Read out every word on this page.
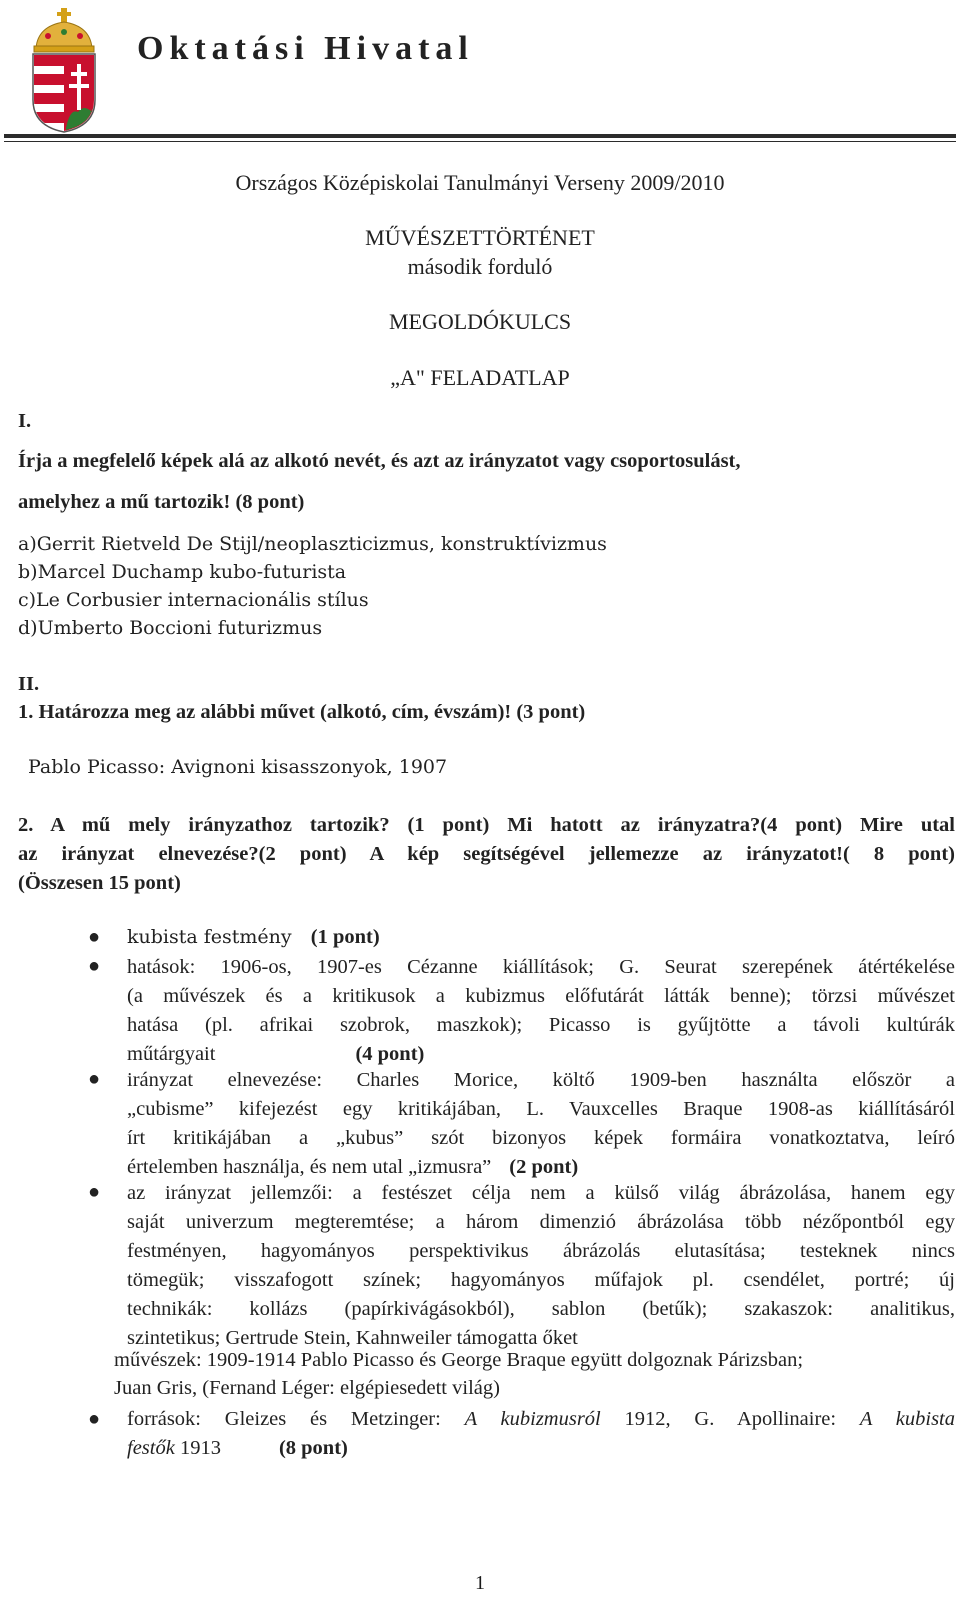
Oktatási Hivatal
Országos Középiskolai Tanulmányi Verseny 2009/2010
MŰVÉSZETTÖRTÉNET
második forduló
MEGOLDÓKULCS
„A" FELADATLAP
I.
Írja a megfelelő képek alá az alkotó nevét, és azt az irányzatot vagy csoportosulást,
amelyhez a mű tartozik! (8 pont)
a)Gerrit Rietveld De Stijl/neoplaszticizmus, konstruktívizmus
b)Marcel Duchamp kubo-futurista
c)Le Corbusier internacionális stílus
d)Umberto Boccioni futurizmus
II.
1. Határozza meg az alábbi művet (alkotó, cím, évszám)! (3 pont)
Pablo Picasso: Avignoni kisasszonyok, 1907
2. A mű mely irányzathoz tartozik? (1 pont) Mi hatott az irányzatra?(4 pont) Mire utal
az irányzat elnevezése?(2 pont) A kép segítségével jellemezze az irányzatot!( 8 pont)
(Összesen 15 pont)
● kubista festmény (1 pont)
● hatások: 1906-os, 1907-es Cézanne kiállítások; G. Seurat szerepének átértékelése
(a művészek és a kritikusok a kubizmus előfutárát látták benne); törzsi művészet
hatása (pl. afrikai szobrok, maszkok); Picasso is gyűjtötte a távoli kultúrák
műtárgyait	(4 pont)
● irányzat elnevezése: Charles Morice, költő 1909-ben használta először a
„cubisme” kifejezést egy kritikájában, L. Vauxcelles Braque 1908-as kiállításáról
írt kritikájában a „kubus” szót bizonyos képek formáira vonatkoztatva, leíró
értelemben használja, és nem utal „izmusra” (2 pont)
● az irányzat jellemzői: a festészet célja nem a külső világ ábrázolása, hanem egy
saját univerzum megteremtése; a három dimenzió ábrázolása több nézőpontból egy
festményen, hagyományos perspektivikus ábrázolás elutasítása; testeknek nincs
tömegük; visszafogott színek; hagyományos műfajok pl. csendélet, portré; új
technikák: kollázs (papírkivágásokból), sablon (betűk); szakaszok: analitikus,
szintetikus; Gertrude Stein, Kahnweiler támogatta őket
művészek: 1909-1914 Pablo Picasso és George Braque együtt dolgoznak Párizsban;
Juan Gris, (Fernand Léger: elgépiesedett világ)
● források: Gleizes és Metzinger: A kubizmusról 1912, G. Apollinaire: A kubista
festők 1913	(8 pont)
1
